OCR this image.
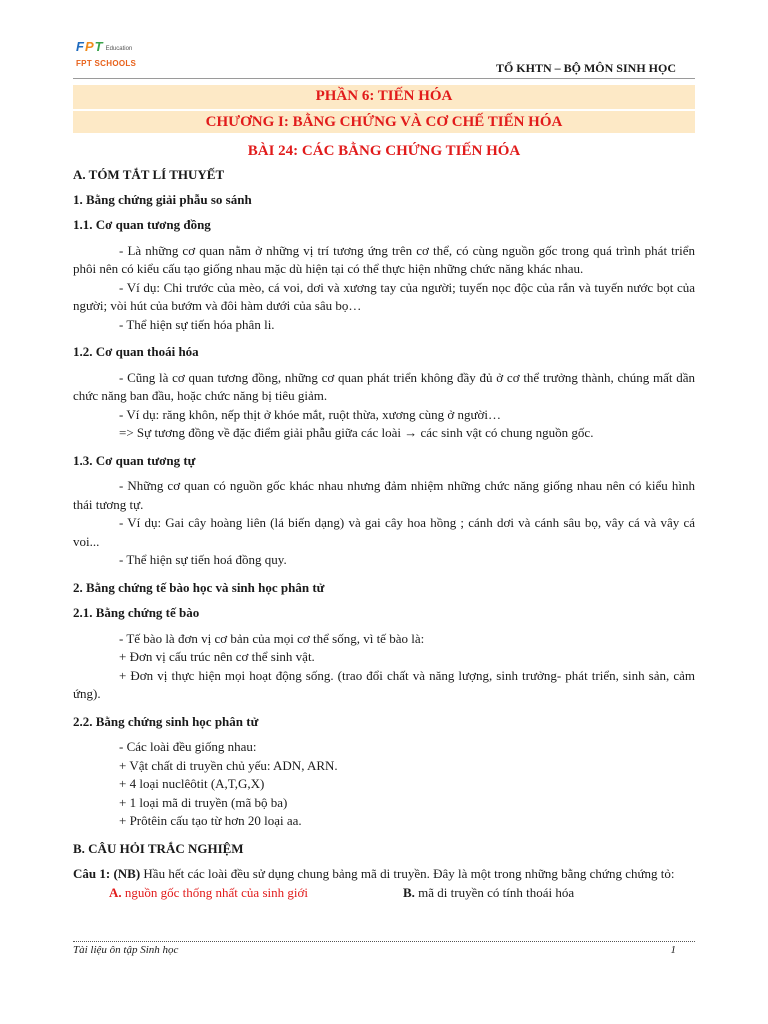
FPT Education
FPT SCHOOLS	TỔ KHTN – BỘ MÔN SINH HỌC
PHẦN 6: TIẾN HÓA
CHƯƠNG I: BẰNG CHỨNG VÀ CƠ CHẾ TIẾN HÓA
BÀI 24: CÁC BẰNG CHỨNG TIẾN HÓA

A. TÓM TẮT LÍ THUYẾT

1. Bằng chứng giải phẫu so sánh

1.1. Cơ quan tương đồng

- Là những cơ quan nằm ở những vị trí tương ứng trên cơ thể, có cùng nguồn gốc trong quá trình phát triển phôi nên có kiểu cấu tạo giống nhau mặc dù hiện tại có thể thực hiện những chức năng khác nhau.

- Ví dụ: Chi trước của mèo, cá voi, dơi và xương tay của người; tuyến nọc độc của rắn và tuyến nước bọt của người; vòi hút của bướm và đôi hàm dưới của sâu bọ…

- Thể hiện sự tiến hóa phân li.

1.2. Cơ quan thoái hóa

- Cũng là cơ quan tương đồng, những cơ quan phát triển không đầy đủ ở cơ thể trưởng thành, chúng mất dần chức năng ban đầu, hoặc chức năng bị tiêu giảm.

- Ví dụ: răng khôn, nếp thịt ở khóe mắt, ruột thừa, xương cùng ở người…

=> Sự tương đồng về đặc điểm giải phẫu giữa các loài → các sinh vật có chung nguồn gốc.

1.3. Cơ quan tương tự

- Những cơ quan có nguồn gốc khác nhau nhưng đảm nhiệm những chức năng giống nhau nên có kiểu hình thái tương tự.

- Ví dụ: Gai cây hoàng liên (lá biến dạng) và gai cây hoa hồng ; cánh dơi và cánh sâu bọ, vây cá và vây cá voi...

- Thể hiện sự tiến hoá đồng quy.

2. Bằng chứng tế bào học và sinh học phân tử

2.1. Bằng chứng tế bào

- Tế bào là đơn vị cơ bản của mọi cơ thể sống, vì tế bào là:

+ Đơn vị cấu trúc nên cơ thể sinh vật.

+ Đơn vị thực hiện mọi hoạt động sống. (trao đổi chất và năng lượng, sinh trưởng- phát triển, sinh sản, cảm ứng).

2.2. Bằng chứng sinh học phân tử

- Các loài đều giống nhau:

+ Vật chất di truyền chủ yếu: ADN, ARN.

+ 4 loại nuclêôtit (A,T,G,X)

+ 1 loại mã di truyền (mã bộ ba)

+ Prôtêin cấu tạo từ hơn 20 loại aa.

B. CÂU HỎI TRẮC NGHIỆM

Câu 1: (NB) Hầu hết các loài đều sử dụng chung bảng mã di truyền. Đây là một trong những bằng chứng chứng tỏ:

A. nguồn gốc thống nhất của sinh giới	B. mã di truyền có tính thoái hóa
Tài liệu ôn tập Sinh học	1
